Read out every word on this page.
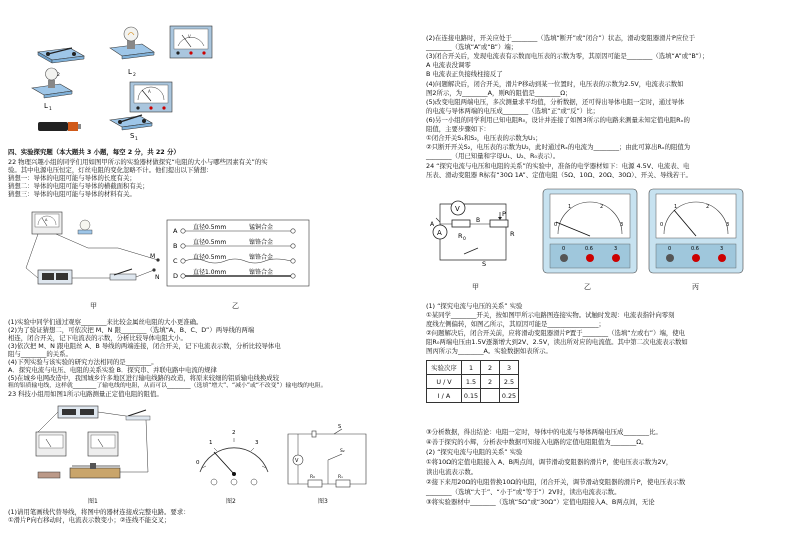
2	L 2
V
L 1
A
S 1
四、实验探究题（本大题共 3 小题，每空 2 分，共 22 分）
22 物理兴趣小组的同学们用如图甲所示的实验器材做探究“电阻的大小与哪些因素有关”的实
验。其中电源电压恒定，灯丝电阻的变化忽略不计。他们提出以下猜想：
猜想一：导体的电阻可能与导体的长度有关；
猜想二：导体的电阻可能与导体的横截面积有关；
猜想三：导体的电阻可能与导体的材料有关。
A
M
N
甲
A
B
C
D
直径0.5mm	锰铜合金
直径0.5mm	镍铬合金
直径0.5mm	镍铬合金
直径1.0mm	镍铬合金
乙
(1)实验中同学们通过观察________来比较金属丝电阻的大小更准确。
(2)为了验证猜想二，可依次把 M、N 跟________（选填“A、B、C、D”）两导线的两端
相连，闭合开关，记下电流表的示数，分析比较导体电阻大小。
(3)依次把 M、N 跟电阻丝 A、B 导线的两端连接，闭合开关，记下电流表示数，分析比较导体电
阻与________的关系。
(4)下列实验与该实验的研究方法相同的是________。
A．探究电流与电压、电阻的关系实验 B．探究串、并联电路中电流的规律
(5)在城乡电网改造中，我国城乡许多地区进行输电线路的改造，将原来较细的铝质输电线换成较
粗的铝质输电线，这样就________了输电线的电阻，从而可以________（选填“增大”、“减小”或“不改变”）输电线的电阻。
23 科技小组用如图1所示电路测量正定值电阻的阻值。
图1
0
1
2
3
图2
S
V
R₀	Rₓ
S₂
图3
(1)请用笔画线代替导线，将图中的器材连接成完整电路。要求：
①滑片P向右移动时，电流表示数变小；②连线不能交叉；
(2)在连接电路时，开关应处于________（选填“断开”或“闭合”）状态，滑动变阻器滑片P应位于
________（选填“A”或“B”）端；
(3)闭合开关后，发现电流表有示数而电压表的示数为零，其原因可能是________（选填“A”或“B”）；
A 电流表没调零
B 电流表正负接线柱接反了
(4)问题解决后，闭合开关，滑片P移动到某一位置时，电压表的示数为2.5V，电流表示数如
图2所示，为________A，则R的阻值是________Ω；
(5)改变电阻两端电压，多次测量求平均值，分析数据，还可得出导体电阻一定时，通过导体
的电流与导体两端的电压成________（选填“正”或“反”）比；
(6)另一小组的同学利用已知电阻R₀，设计并连接了如图3所示的电路来测量未知定值电阻Rₓ的
阻值，主要步骤如下：
①闭合开关S₁和S₂，电压表的示数为U₁；
②只断开开关S₂，电压表的示数为U₂，此时通过Rₓ的电流为________；由此可算出Rₓ的阻值为
________（用已知量和字母U₁、U₂、R₀表示）。
24 “探究电流与电压和电阻的关系”的实验中，准备的电学器材如下：电源 4.5V、电流表、电
压表、滑动变阻器 R标有“30Ω 1A”、定值电阻（5Ω、10Ω、20Ω、30Ω）、开关、导线若干。
V
A
A
R 0
B
P
R
S
甲
0
1	2
3
0	0.6	3
乙
0
1	2
3
0	0.6	3
丙
(1) “探究电流与电压的关系” 实验
①某同学________开关，按如图甲所示电路图连接实物。试触时发现：电流表指针向零刻
度线左侧偏转，如图乙所示，其原因可能是________________；
②问题解决后，闭合开关前，应将滑动变阻器滑片P置于________（选填“左或右”）端，使电
阻R₀两端电压由1.5V逐渐增大到2V、2.5V，读出所对应的电流值。其中第二次电流表示数如
图丙所示为________A。实验数据如表所示。
实验次序	1	2	3
U / V	1.5	2	2.5
I / A	0.15		0.25
③分析数据，得出结论：电阻一定时，导体中的电流与导体两端电压成________比。
④善于探究的小辉，分析表中数据可知接入电路的定值电阻阻值为________Ω。
(2) “探究电流与电阻的关系” 实验
①将10Ω的定值电阻接入 A、B两点间，调节滑动变阻器的滑片P，使电压表示数为2V，
读出电流表示数。
②接下来用20Ω的电阻替换10Ω的电阻，闭合开关，调节滑动变阻器的滑片P，使电压表示数
________（选填“大于”、“小于”或“等于”）2V时，读出电流表示数。
③将实验器材中________（选填“5Ω”或“30Ω”）定值电阻接入A、B两点间，无论
